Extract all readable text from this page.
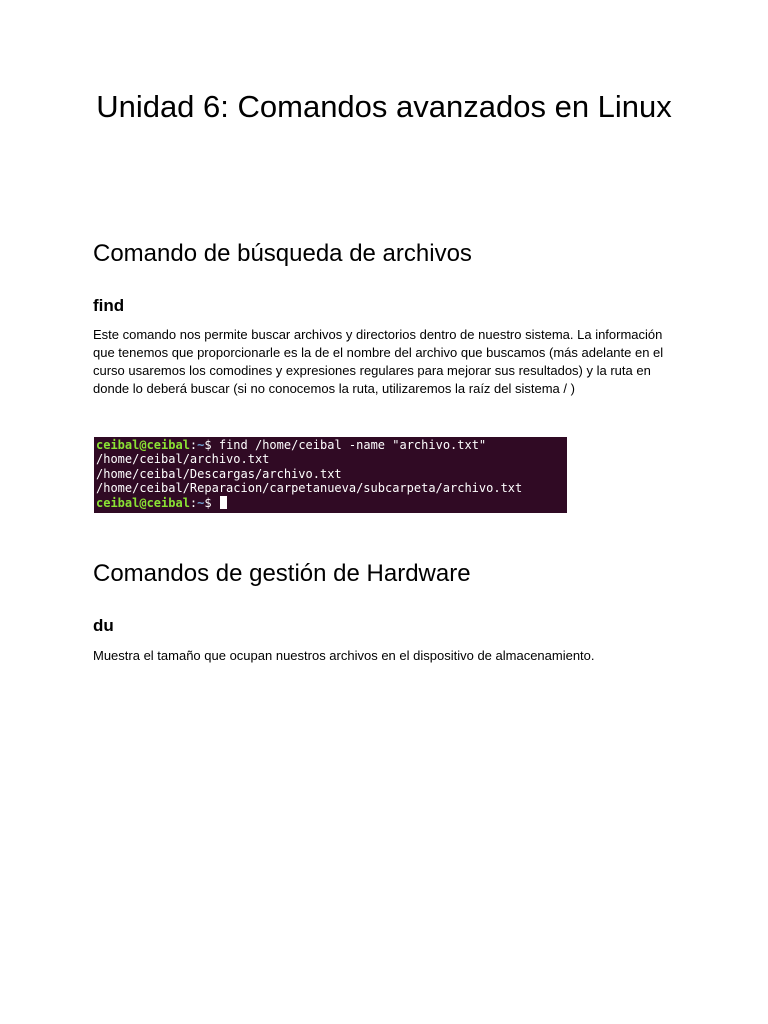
Unidad 6: Comandos avanzados en Linux
Comando de búsqueda de archivos
find

Este comando nos permite buscar archivos y directorios dentro de nuestro sistema. La información que tenemos que proporcionarle es la de el nombre del archivo que buscamos (más adelante en el curso usaremos los comodines y expresiones regulares para mejorar sus resultados) y la ruta en donde lo deberá buscar (si no conocemos la ruta, utilizaremos la raíz del sistema / )

ceibal@ceibal:~$ find /home/ceibal -name "archivo.txt"
/home/ceibal/archivo.txt
/home/ceibal/Descargas/archivo.txt
/home/ceibal/Reparacion/carpetanueva/subcarpeta/archivo.txt
ceibal@ceibal:~$
Comandos de gestión de Hardware
du

Muestra el tamaño que ocupan nuestros archivos en el dispositivo de almacenamiento.
